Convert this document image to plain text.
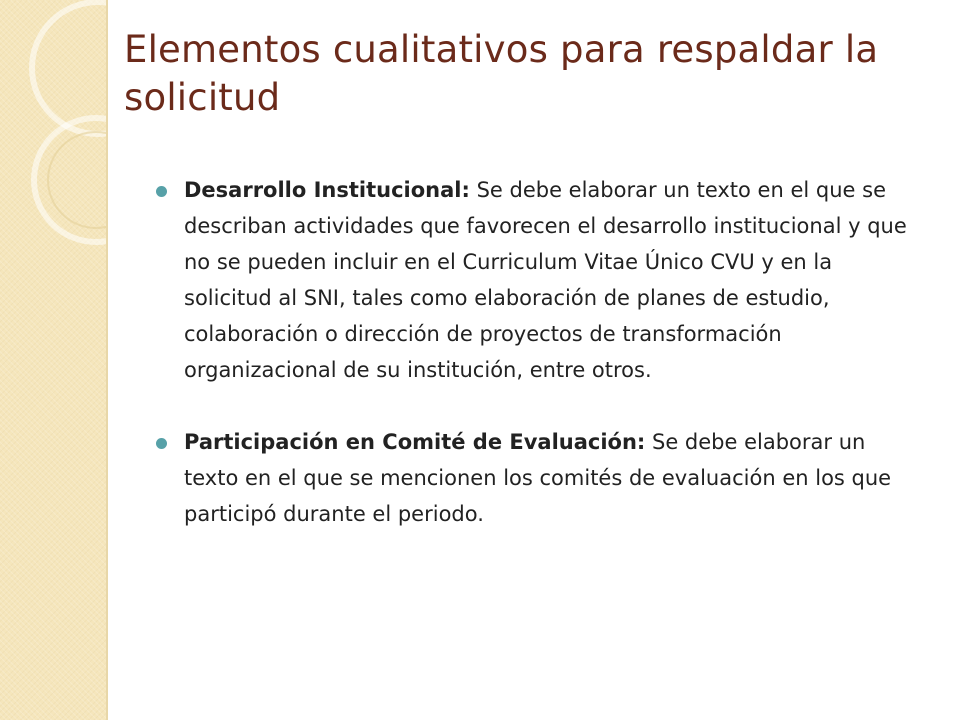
Elementos cualitativos para respaldar la solicitud
Desarrollo Institucional: Se debe elaborar un texto en el que se describan actividades que favorecen el desarrollo institucional y que no se pueden incluir en el Curriculum Vitae Único CVU y en la solicitud al SNI, tales como elaboración de planes de estudio, colaboración o dirección de proyectos de transformación organizacional de su institución, entre otros.
Participación en Comité de Evaluación: Se debe elaborar un texto en el que se mencionen los comités de evaluación en los que participó durante el periodo.
